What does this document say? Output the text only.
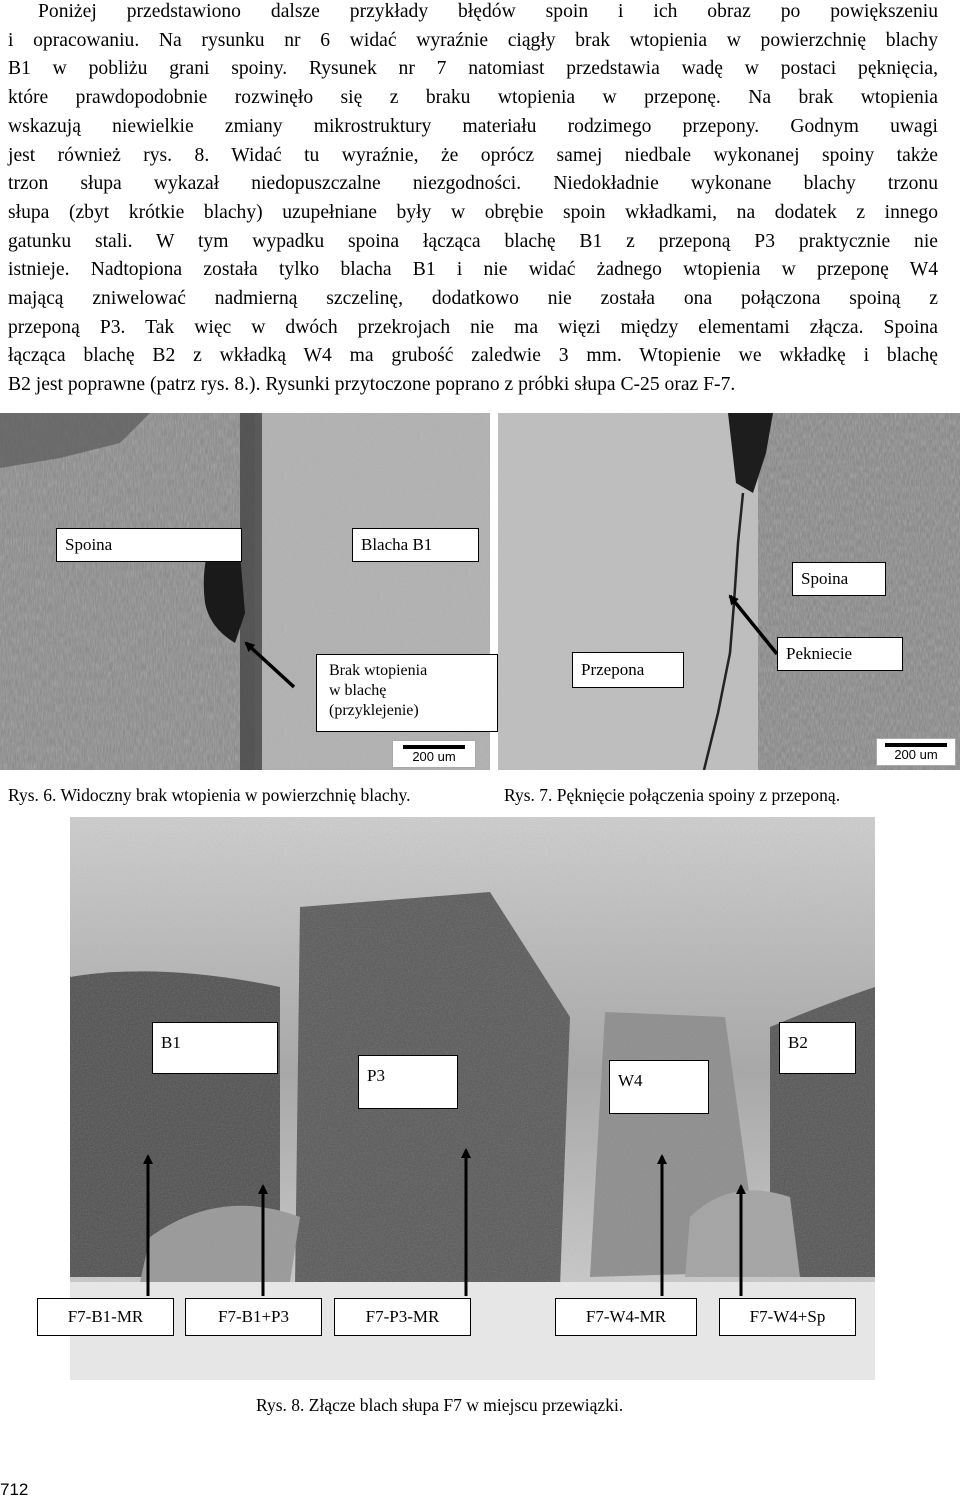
Poniżej przedstawiono dalsze przykłady błędów spoin i ich obraz po powiększeniu
i opracowaniu. Na rysunku nr 6 widać wyraźnie ciągły brak wtopienia w powierzchnię blachy
B1 w pobliżu grani spoiny. Rysunek nr 7 natomiast przedstawia wadę w postaci pęknięcia,
które prawdopodobnie rozwinęło się z braku wtopienia w przeponę. Na brak wtopienia
wskazują niewielkie zmiany mikrostruktury materiału rodzimego przepony. Godnym uwagi
jest również rys. 8. Widać tu wyraźnie, że oprócz samej niedbale wykonanej spoiny także
trzon słupa wykazał niedopuszczalne niezgodności. Niedokładnie wykonane blachy trzonu
słupa (zbyt krótkie blachy) uzupełniane były w obrębie spoin wkładkami, na dodatek z innego
gatunku stali. W tym wypadku spoina łącząca blachę B1 z przeponą P3 praktycznie nie
istnieje. Nadtopiona została tylko blacha B1 i nie widać żadnego wtopienia w przeponę W4
mającą zniwelować nadmierną szczelinę, dodatkowo nie została ona połączona spoiną z
przeponą P3. Tak więc w dwóch przekrojach nie ma więzi między elementami złącza. Spoina
łącząca blachę B2 z wkładką W4 ma grubość zaledwie 3 mm. Wtopienie we wkładkę i blachę
B2 jest poprawne (patrz rys. 8.). Rysunki przytoczone poprano z próbki słupa C-25 oraz F-7.
Spoina	Blacha B1
Brak wtopienia
w blachę
(przyklejenie)
200 um
Spoina
Pekniecie
Przepona
200 um
Rys. 6. Widoczny brak wtopienia w powierzchnię blachy.	Rys. 7. Pęknięcie połączenia spoiny z przeponą.
B1	B2
P3	W4
F7-B1-MR	F7-B1+P3	F7-P3-MR	F7-W4-MR	F7-W4+Sp
Rys. 8. Złącze blach słupa F7 w miejscu przewiązki.
712
